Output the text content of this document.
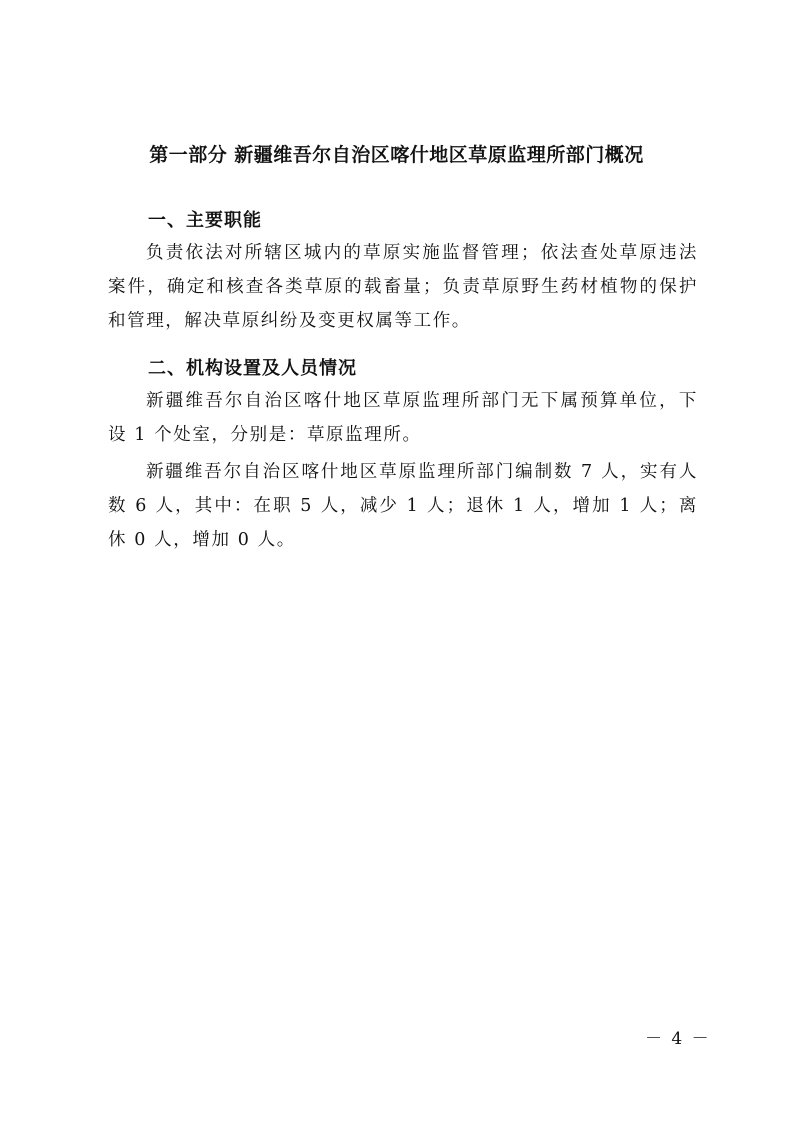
第一部分 新疆维吾尔自治区喀什地区草原监理所部门概况
一、主要职能

负责依法对所辖区城内的草原实施监督管理；依法查处草原违法案件，确定和核查各类草原的载畜量；负责草原野生药材植物的保护和管理，解决草原纠纷及变更权属等工作。

二、机构设置及人员情况

新疆维吾尔自治区喀什地区草原监理所部门无下属预算单位，下设 1 个处室，分别是：草原监理所。

新疆维吾尔自治区喀什地区草原监理所部门编制数 7 人，实有人数 6 人，其中：在职 5 人，减少 1 人；退休 1 人，增加 1 人；离休 0 人，增加 0 人。

－ 4 －
